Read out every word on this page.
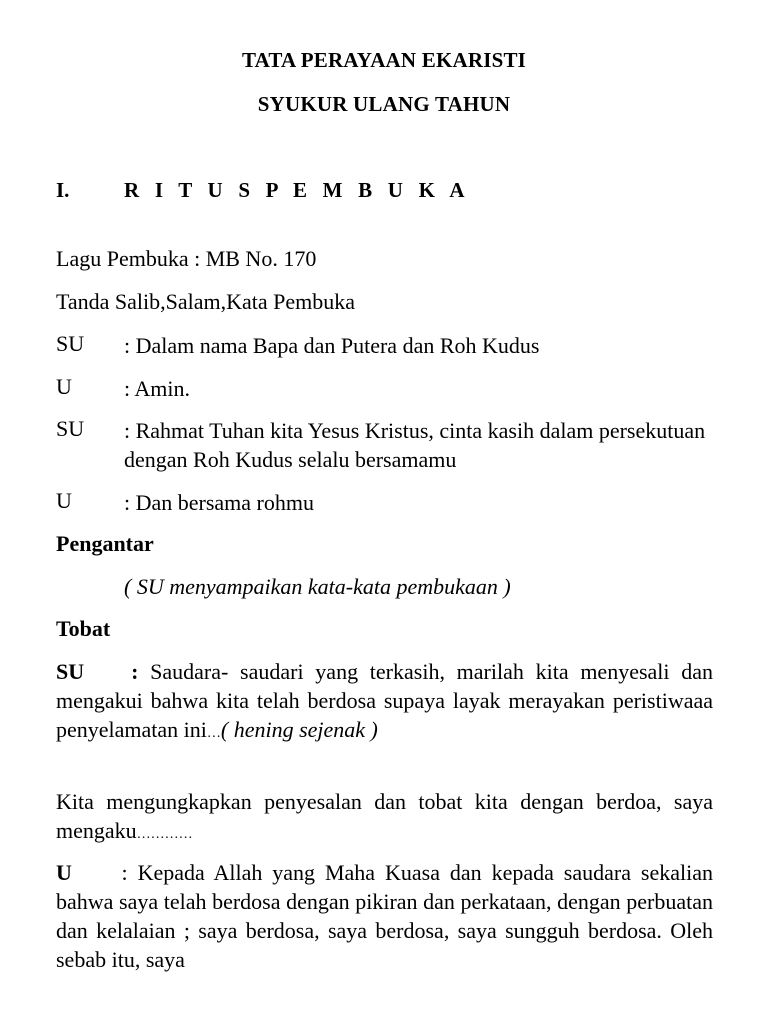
TATA PERAYAAN EKARISTI
SYUKUR ULANG TAHUN
I.	R I T U S P E M B U K A
Lagu Pembuka : MB No. 170
Tanda Salib,Salam,Kata Pembuka
SU : Dalam nama Bapa dan Putera dan Roh Kudus
U : Amin.
SU : Rahmat Tuhan kita Yesus Kristus, cinta kasih dalam persekutuan dengan Roh Kudus selalu bersamamu
U : Dan bersama rohmu
Pengantar
( SU menyampaikan kata-kata pembukaan )
Tobat
SU : Saudara- saudari yang terkasih, marilah kita menyesali dan mengakui bahwa kita telah berdosa supaya layak merayakan peristiwaaa penyelamatan ini…( hening sejenak )
Kita mengungkapkan penyesalan dan tobat kita dengan berdoa, saya mengaku…………
U : Kepada Allah yang Maha Kuasa dan kepada saudara sekalian bahwa saya telah berdosa dengan pikiran dan perkataan, dengan perbuatan dan kelalaian ; saya berdosa, saya berdosa, saya sungguh berdosa. Oleh sebab itu, saya
